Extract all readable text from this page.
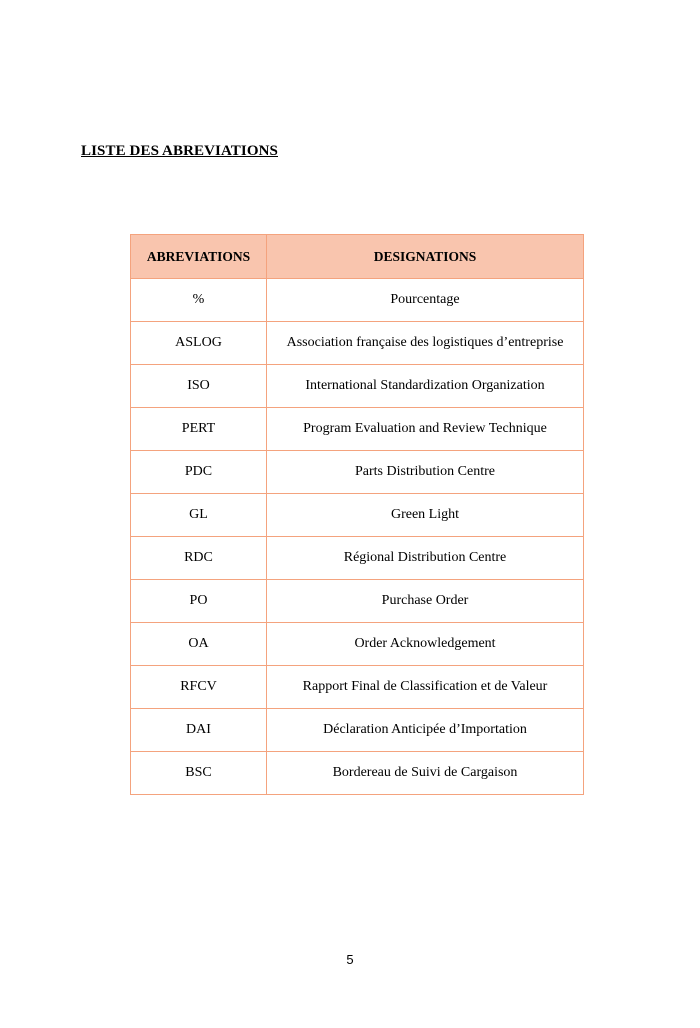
LISTE DES ABREVIATIONS
ABREVIATIONS	DESIGNATIONS
%	Pourcentage
ASLOG	Association française des logistiques d’entreprise
ISO	International Standardization Organization
PERT	Program Evaluation and Review Technique
PDC	Parts Distribution Centre
GL	Green Light
RDC	Régional Distribution Centre
PO	Purchase Order
OA	Order Acknowledgement
RFCV	Rapport Final de Classification et de Valeur
DAI	Déclaration Anticipée d’Importation
BSC	Bordereau de Suivi de Cargaison
5
